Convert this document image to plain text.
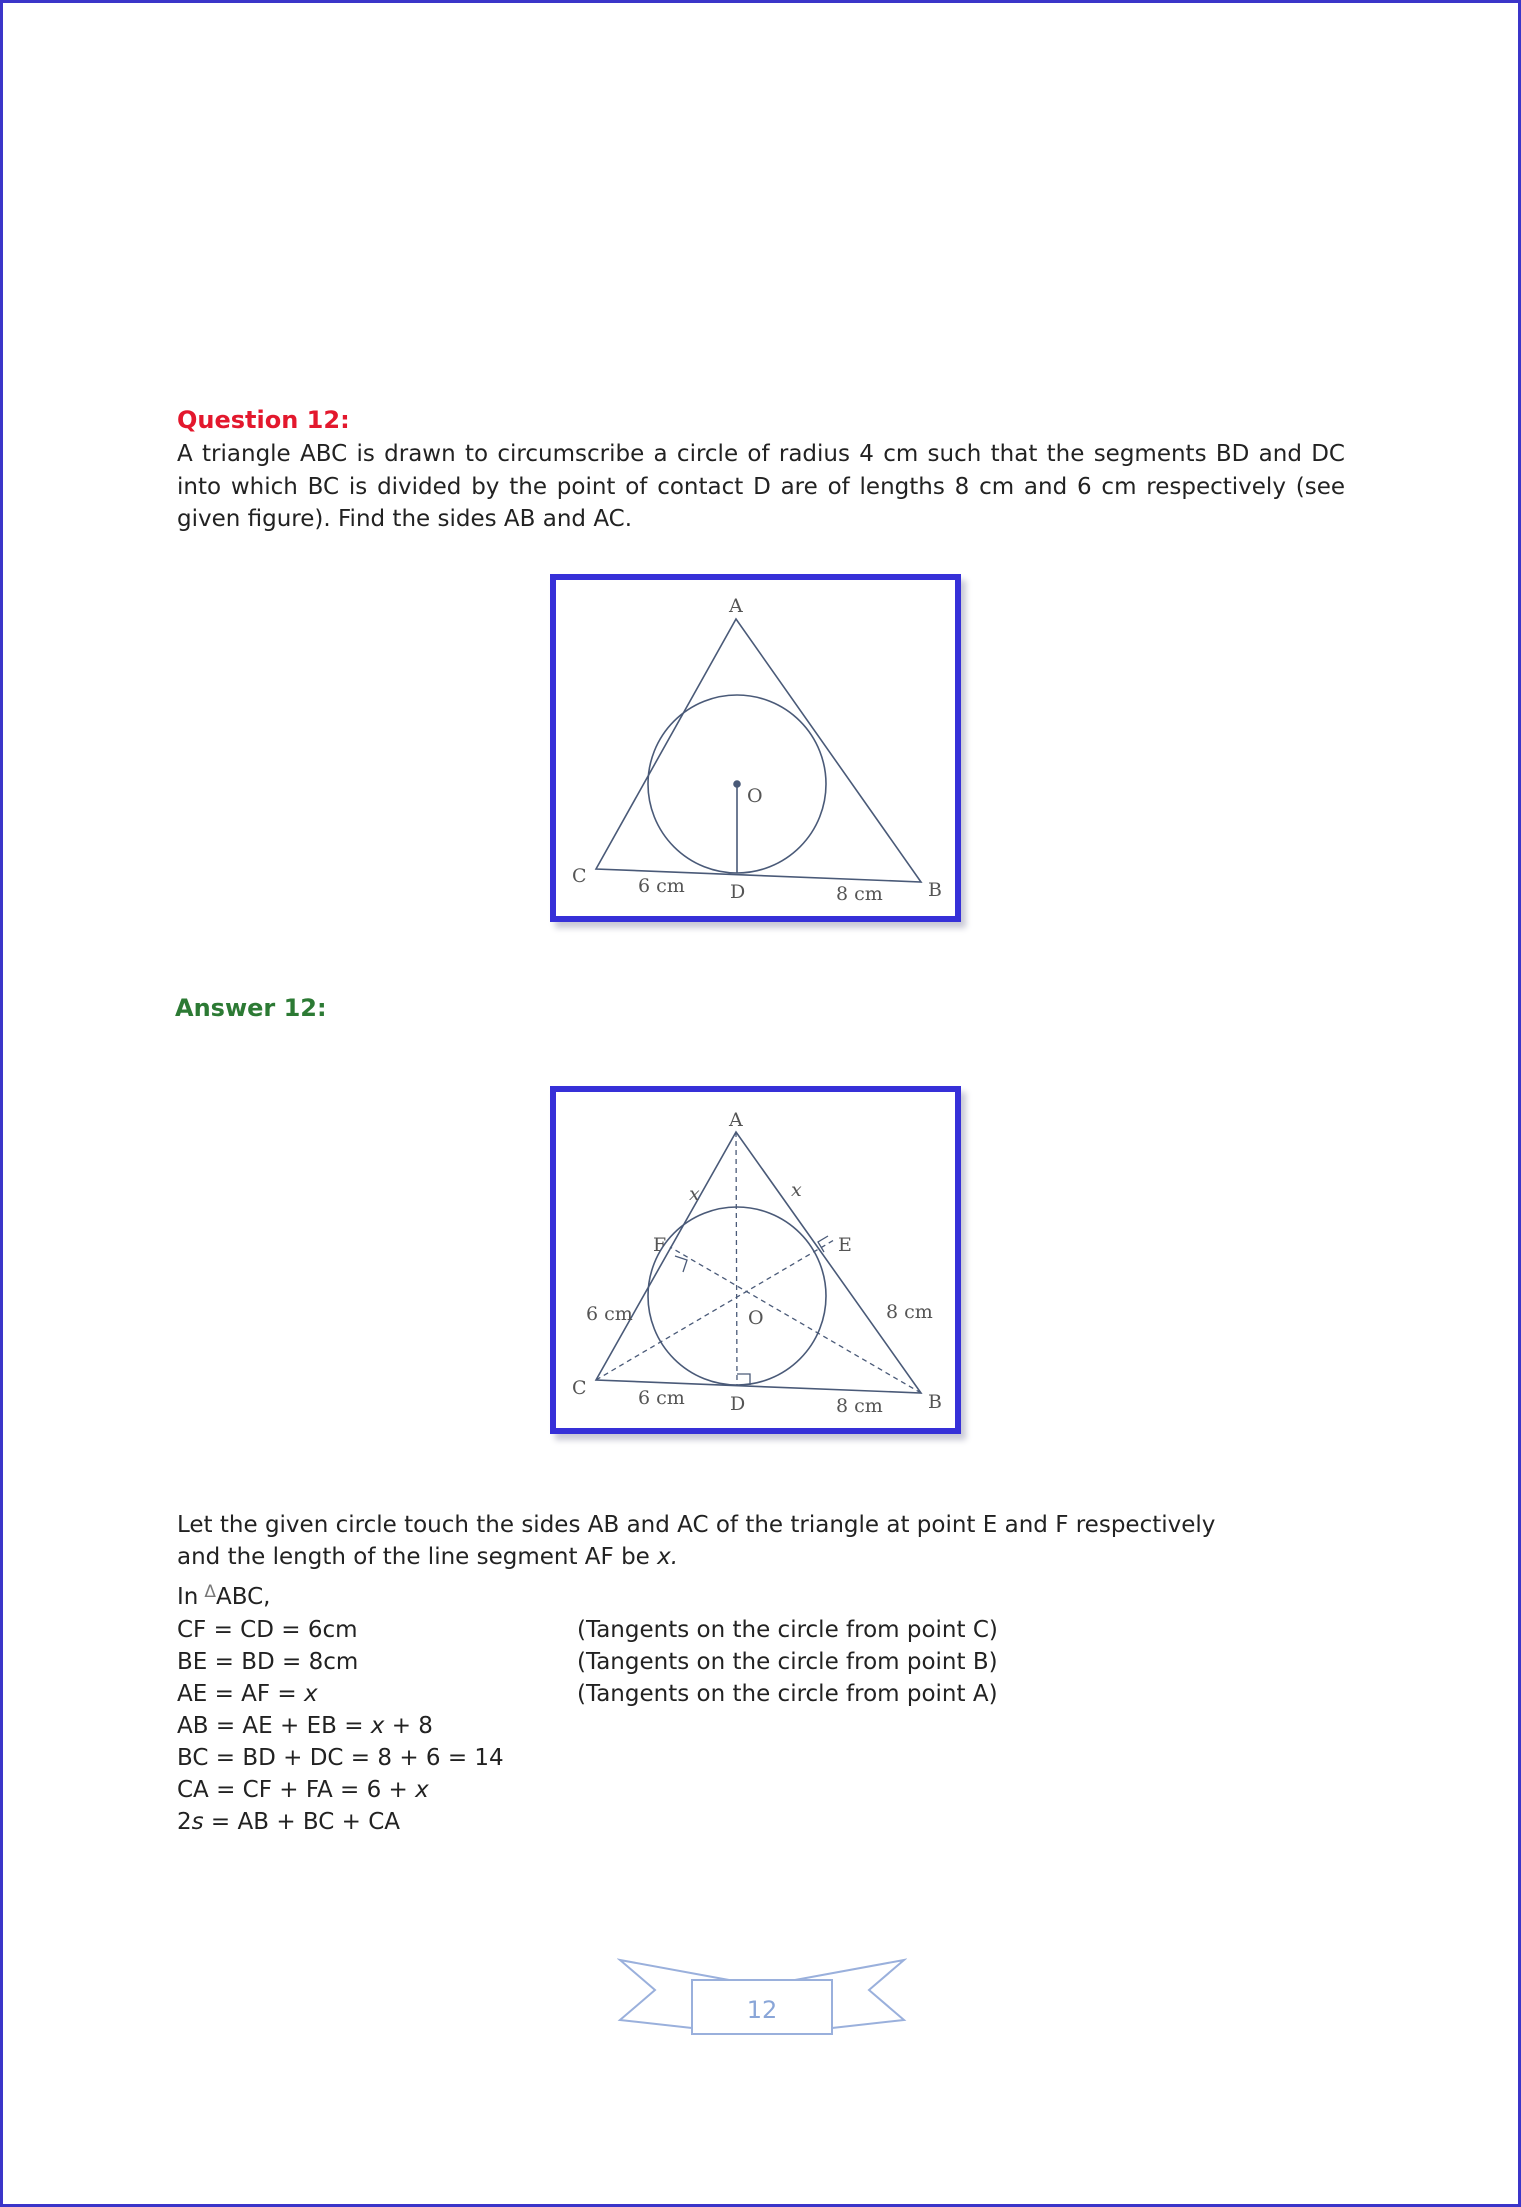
Question 12:
A triangle ABC is drawn to circumscribe a circle of radius 4 cm such that the segments BD and DC into which BC is divided by the point of contact D are of lengths 8 cm and 6 cm respectively (see given figure). Find the sides AB and AC.
A
C
B
D
O
6 cm	8 cm
Answer 12:
A
F	E
x	x
6 cm	8 cm
O
C
B
D
6 cm	8 cm
Let the given circle touch the sides AB and AC of the triangle at point E and F respectively
and the length of the line segment AF be x.
In $^\Delta$ABC,
CF = CD = 6cm	(Tangents on the circle from point C)
BE = BD = 8cm	(Tangents on the circle from point B)
AE = AF = x	(Tangents on the circle from point A)
AB = AE + EB = x + 8
BC = BD + DC = 8 + 6 = 14
CA = CF + FA = 6 + x
2s = AB + BC + CA
12
